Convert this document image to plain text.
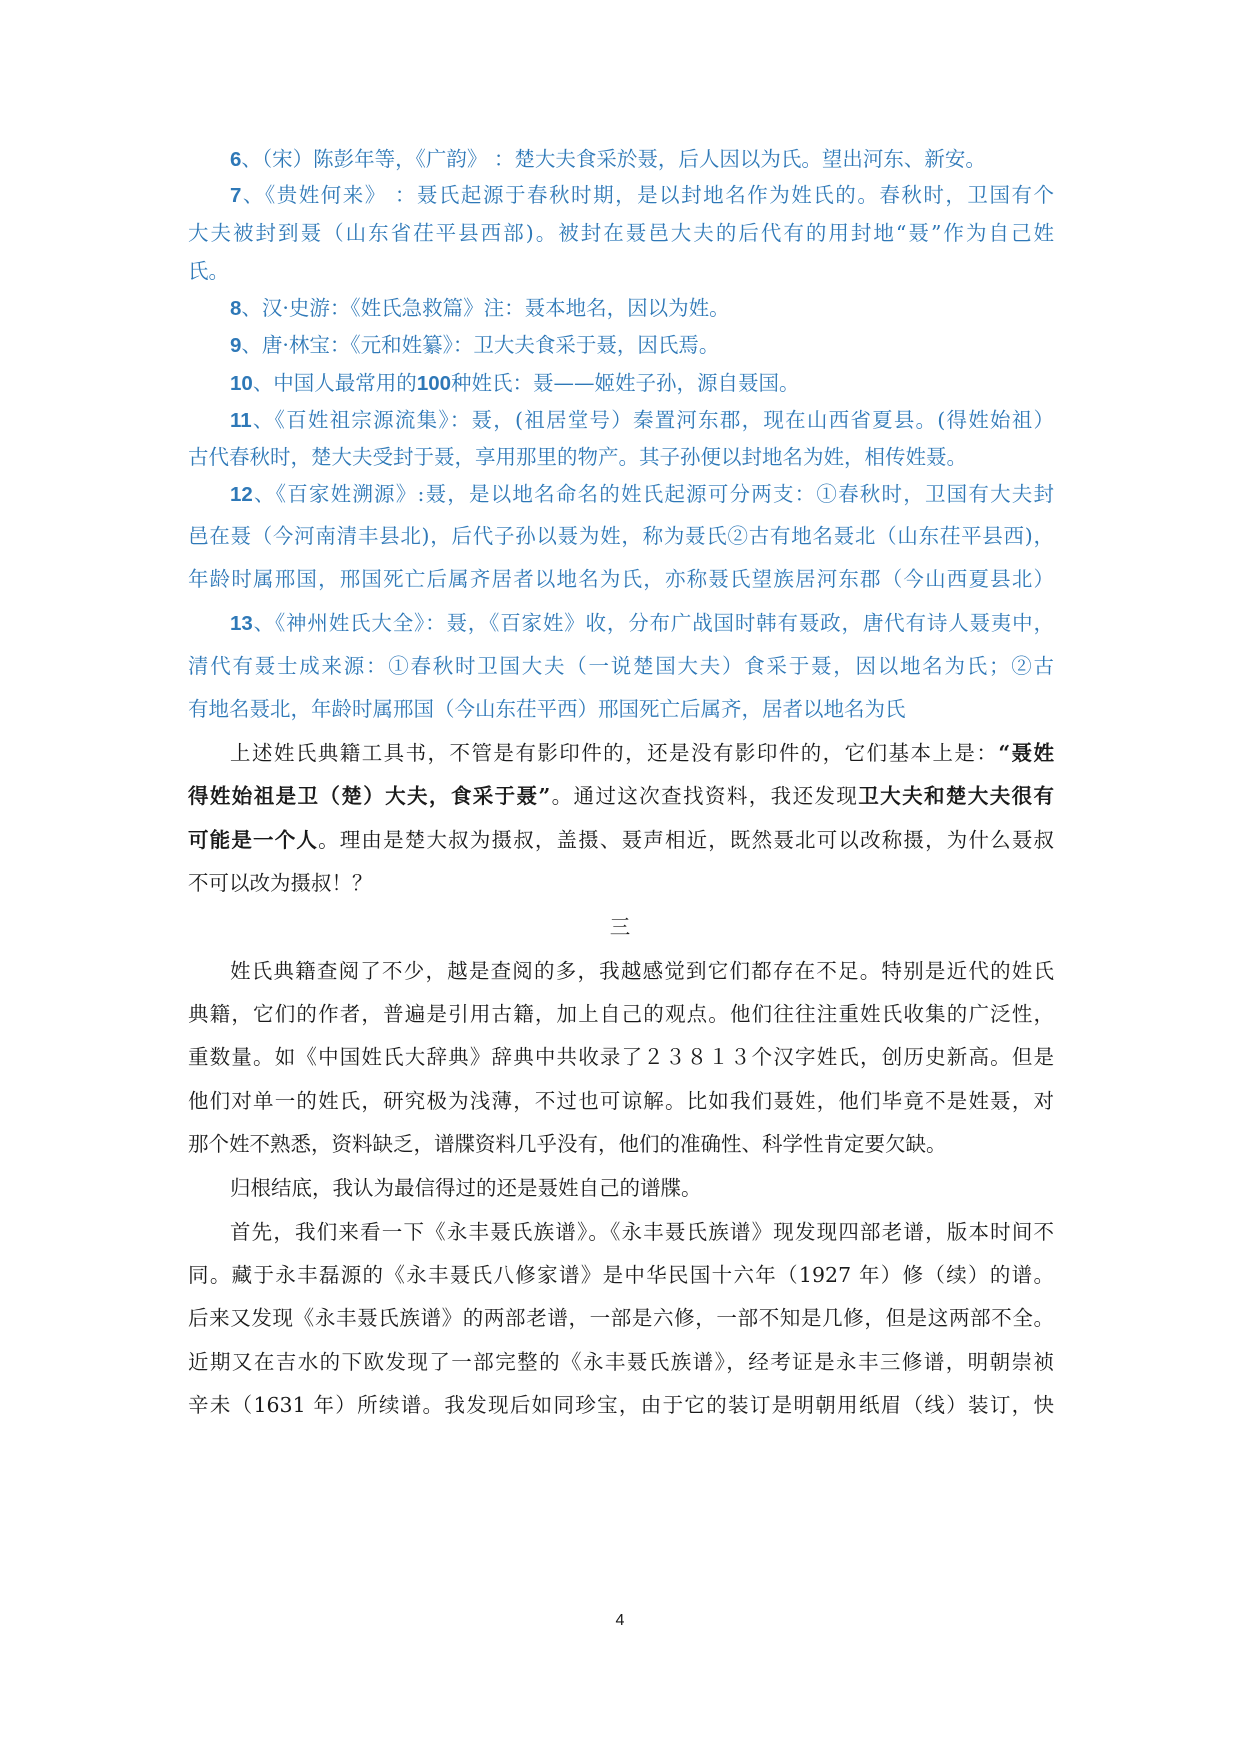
6、（宋）陈彭年等，《广韵》 ：楚大夫食采於聂，后人因以为氏。望出河东、新安。
7、《贵姓何来》 ：聂氏起源于春秋时期，是以封地名作为姓氏的。春秋时，卫国有个
大夫被封到聂（山东省茌平县西部)。被封在聂邑大夫的后代有的用封地“聂”作为自己姓
氏。
8、汉·史游：《姓氏急救篇》注：聂本地名，因以为姓。
9、唐·林宝：《元和姓纂》：卫大夫食采于聂，因氏焉。
10、中国人最常用的100种姓氏：聂——姬姓子孙，源自聂国。
11、《百姓祖宗源流集》：聂，(祖居堂号）秦置河东郡，现在山西省夏县。(得姓始祖）
古代春秋时，楚大夫受封于聂，享用那里的物产。其子孙便以封地名为姓，相传姓聂。
12、《百家姓溯源》:聂，是以地名命名的姓氏起源可分两支：①春秋时，卫国有大夫封
邑在聂（今河南清丰县北)，后代子孙以聂为姓，称为聂氏②古有地名聂北（山东茌平县西)，
年龄时属邢国，邢国死亡后属齐居者以地名为氏，亦称聂氏望族居河东郡（今山西夏县北）
13、《神州姓氏大全》：聂，《百家姓》收，分布广战国时韩有聂政，唐代有诗人聂夷中，
清代有聂士成来源：①春秋时卫国大夫（一说楚国大夫）食采于聂，因以地名为氏；②古
有地名聂北，年龄时属邢国（今山东茌平西）邢国死亡后属齐，居者以地名为氏
上述姓氏典籍工具书，不管是有影印件的，还是没有影印件的，它们基本上是：“聂姓
得姓始祖是卫（楚）大夫，食采于聂”。通过这次查找资料，我还发现卫大夫和楚大夫很有
可能是一个人。理由是楚大叔为摄叔，盖摄、聂声相近，既然聂北可以改称摄，为什么聂叔
不可以改为摄叔！？
三
姓氏典籍查阅了不少，越是查阅的多，我越感觉到它们都存在不足。特别是近代的姓氏
典籍，它们的作者，普遍是引用古籍，加上自己的观点。他们往往注重姓氏收集的广泛性，
重数量。如《中国姓氏大辞典》辞典中共收录了２３８１３个汉字姓氏，创历史新高。但是
他们对单一的姓氏，研究极为浅薄，不过也可谅解。比如我们聂姓，他们毕竟不是姓聂，对
那个姓不熟悉，资料缺乏，谱牒资料几乎没有，他们的准确性、科学性肯定要欠缺。
归根结底，我认为最信得过的还是聂姓自己的谱牒。
首先，我们来看一下《永丰聂氏族谱》。《永丰聂氏族谱》现发现四部老谱，版本时间不
同。藏于永丰磊源的《永丰聂氏八修家谱》是中华民国十六年（1927 年）修（续）的谱。
后来又发现《永丰聂氏族谱》的两部老谱，一部是六修，一部不知是几修，但是这两部不全。
近期又在吉水的下欧发现了一部完整的《永丰聂氏族谱》，经考证是永丰三修谱，明朝崇祯
辛未（1631 年）所续谱。我发现后如同珍宝，由于它的装订是明朝用纸眉（线）装订，快
4
